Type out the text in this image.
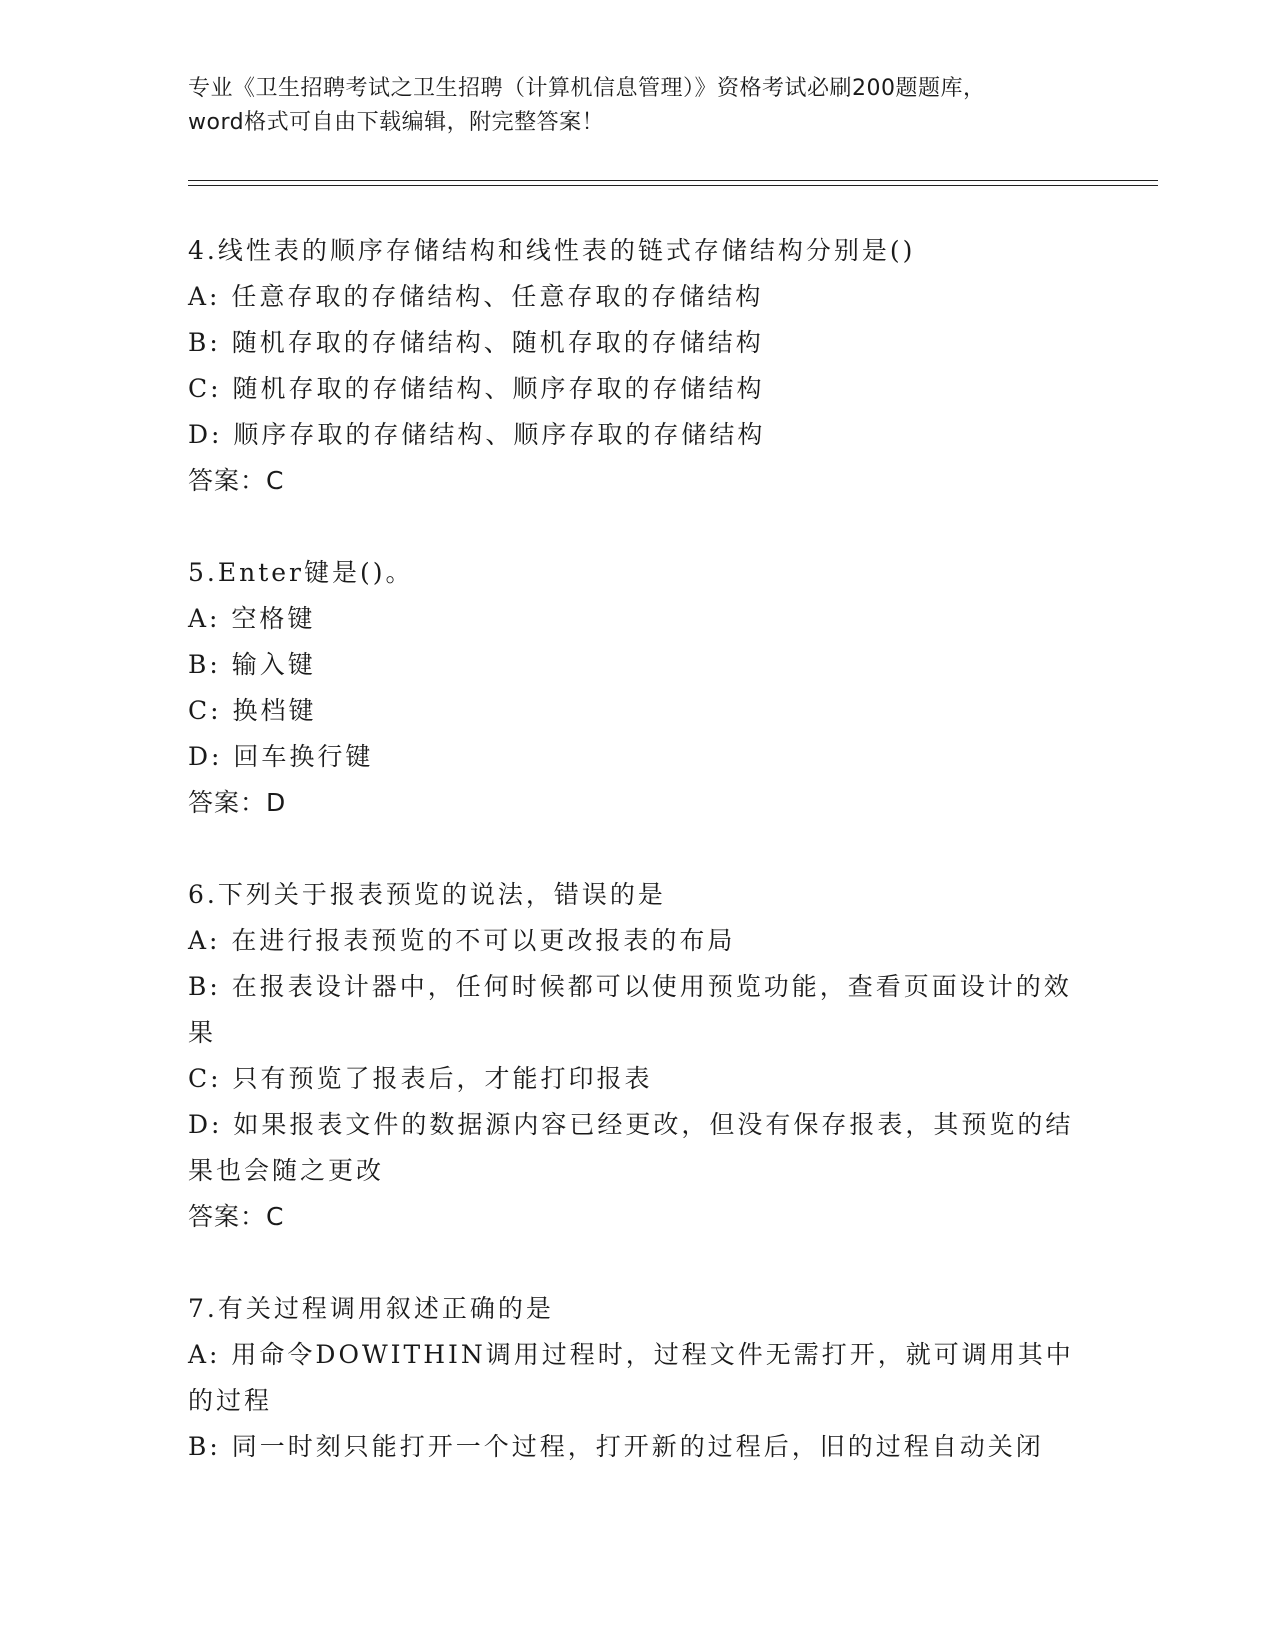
专业《卫生招聘考试之卫生招聘（计算机信息管理）》资格考试必刷200题题库，
word格式可自由下载编辑，附完整答案！
4.线性表的顺序存储结构和线性表的链式存储结构分别是()
A: 任意存取的存储结构、任意存取的存储结构
B: 随机存取的存储结构、随机存取的存储结构
C: 随机存取的存储结构、顺序存取的存储结构
D: 顺序存取的存储结构、顺序存取的存储结构
答案：C
5.Enter键是()。
A: 空格键
B: 输入键
C: 换档键
D: 回车换行键
答案：D
6.下列关于报表预览的说法，错误的是
A: 在进行报表预览的不可以更改报表的布局
B: 在报表设计器中，任何时候都可以使用预览功能，查看页面设计的效果
C: 只有预览了报表后，才能打印报表
D: 如果报表文件的数据源内容已经更改，但没有保存报表，其预览的结果也会随之更改
答案：C
7.有关过程调用叙述正确的是
A: 用命令DOWITHIN调用过程时，过程文件无需打开，就可调用其中的过程
B: 同一时刻只能打开一个过程，打开新的过程后，旧的过程自动关闭
